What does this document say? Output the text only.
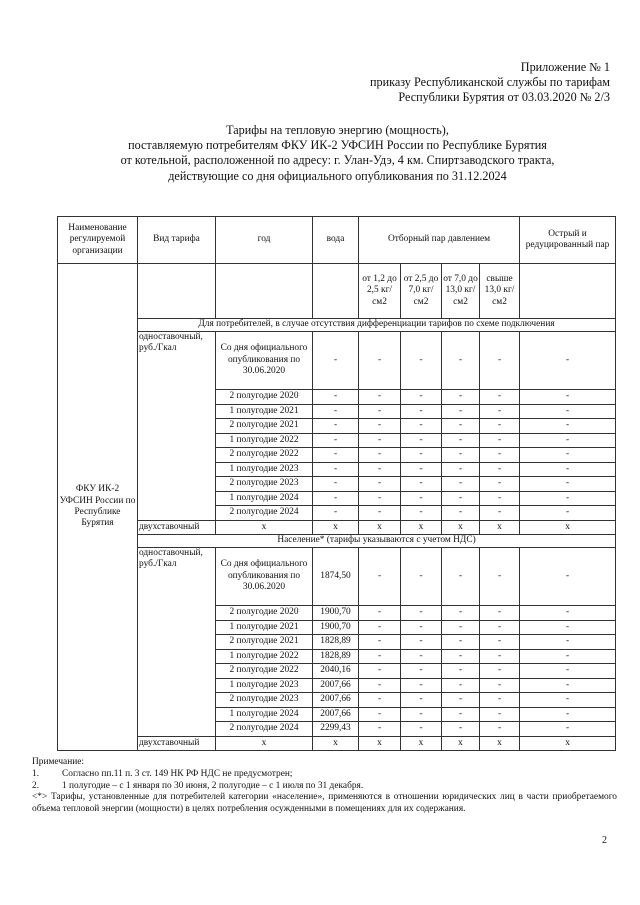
Приложение № 1
приказу Республиканской службы по тарифам
Республики Бурятия от 03.03.2020 № 2/3
Тарифы на тепловую энергию (мощность),
поставляемую потребителям ФКУ ИК-2 УФСИН России по Республике Бурятия
от котельной, расположенной по адресу: г. Улан-Удэ, 4 км. Спиртзаводского тракта,
действующие со дня официального опубликования по 31.12.2024
Наименование регулируемой организации	Вид тарифа	год	вода	Отборный пар давлением				Острый и редуцированный пар
ФКУ ИК-2 УФСИН России по Республике Бурятия				от 1,2 до 2,5 кг/см2	от 2,5 до 7,0 кг/см2	от 7,0 до 13,0 кг/см2	свыше 13,0 кг/см2	
	Для потребителей, в случае отсутствия дифференциации тарифов по схеме подключения							
	одноставочный, руб./Гкал	Со дня официального опубликования по 30.06.2020	-	-	-	-	-	-
		2 полугодие 2020	-	-	-	-	-	-
		1 полугодие 2021	-	-	-	-	-	-
		2 полугодие 2021	-	-	-	-	-	-
		1 полугодие 2022	-	-	-	-	-	-
		2 полугодие 2022	-	-	-	-	-	-
		1 полугодие 2023	-	-	-	-	-	-
		2 полугодие 2023	-	-	-	-	-	-
		1 полугодие 2024	-	-	-	-	-	-
		2 полугодие 2024	-	-	-	-	-	-
	двухставочный	x	x	x	x	x	x	x
	Население* (тарифы указываются с учетом НДС)							
	одноставочный, руб./Гкал	Со дня официального опубликования по 30.06.2020	1874,50	-	-	-	-	-
		2 полугодие 2020	1900,70	-	-	-	-	-
		1 полугодие 2021	1900,70	-	-	-	-	-
		2 полугодие 2021	1828,89	-	-	-	-	-
		1 полугодие 2022	1828,89	-	-	-	-	-
		2 полугодие 2022	2040,16	-	-	-	-	-
		1 полугодие 2023	2007,66	-	-	-	-	-
		2 полугодие 2023	2007,66	-	-	-	-	-
		1 полугодие 2024	2007,66	-	-	-	-	-
		2 полугодие 2024	2299,43	-	-	-	-	-
	двухставочный	x	x	x	x	x	x	x
Примечание:
1.	Согласно пп.11 п. 3 ст. 149 НК РФ НДС не предусмотрен;
2.	1 полугодие – с 1 января по 30 июня, 2 полугодие – с 1 июля по 31 декабря.
<*> Тарифы, установленные для потребителей категории «население», применяются в отношении юридических лиц в части приобретаемого объема тепловой энергии (мощности) в целях потребления осужденными в помещениях для их содержания.
2
